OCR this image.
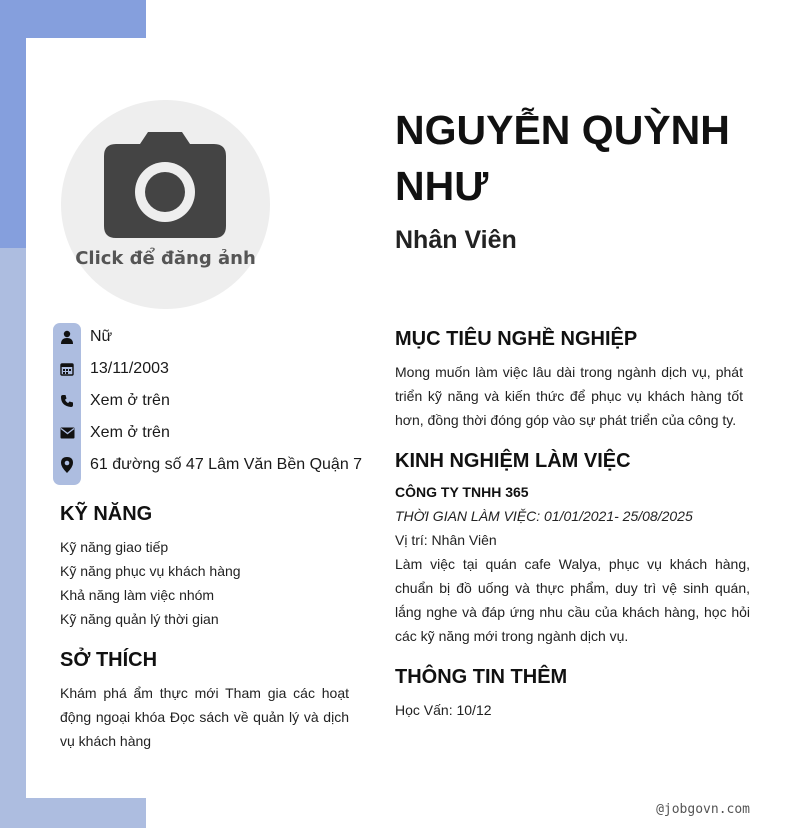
Click để đăng ảnh
NGUYỄN QUỲNH NHƯ
Nhân Viên
Nữ
13/11/2003
Xem ở trên
Xem ở trên
61 đường số 47 Lâm Văn Bền Quận 7
KỸ NĂNG
Kỹ năng giao tiếp
Kỹ năng phục vụ khách hàng
Khả năng làm việc nhóm
Kỹ năng quản lý thời gian
SỞ THÍCH

Khám phá ẩm thực mới Tham gia các hoạt động ngoại khóa Đọc sách về quản lý và dịch vụ khách hàng

MỤC TIÊU NGHỀ NGHIỆP

Mong muốn làm việc lâu dài trong ngành dịch vụ, phát triển kỹ năng và kiến thức để phục vụ khách hàng tốt hơn, đồng thời đóng góp vào sự phát triển của công ty.

KINH NGHIỆM LÀM VIỆC
CÔNG TY TNHH 365
THỜI GIAN LÀM VIỆC: 01/01/2021- 25/08/2025
Vị trí: Nhân Viên

Làm việc tại quán cafe Walya, phục vụ khách hàng, chuẩn bị đồ uống và thực phẩm, duy trì vệ sinh quán, lắng nghe và đáp ứng nhu cầu của khách hàng, học hỏi các kỹ năng mới trong ngành dịch vụ.

THÔNG TIN THÊM
Học Vấn: 10/12
@jobgovn.com
